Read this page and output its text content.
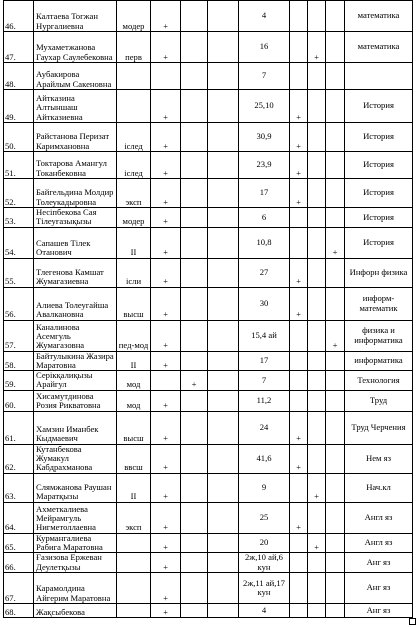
46.	Калтаева Тогжан Нургалиевна	модер	+			4				математика
47.	Мухаметжанова Гаухар Саулебековна	перв	+			16		+		математика
48.	Аубакирова Арайлым Сакеновна					7				
49.	Айтказина Алтыншаш Айтказиевна		+			25,10	+			История
50.	Райстанова Перизат Каримхановна	іслед	+			30,9	+			История
51.	Токтарова Амангул Токанбековна	іслед	+			23,9	+			История
52.	Байгельдина Молдир Толеукадыровна	эксп	+			17	+			История
53.	Несіпбекова Сая Тілеуғазықызы	модер	+			6				История
54.	Сапашев Тілек Отанович	II	+			10,8			+	История
55.	Тлегенова Камшат Жумагазиевна	ісли	+			27	+			Инфорн физика
56.	Алиева Толеугайша Авалкановна	высш	+			30	+			информ-математик
57.	Каналинова Асемгуль Жумагазовна	пед-мод	+			15,4 ай			+	физика и информатика
58.	Байтулыкина Жазира Маратовна	II	+			17				информатика
59.	Серікқалиқызы Арайгул	мод		+		7				Технология
60.	Хисамутдинова Розия Рикватовна	мод	+			11,2				Труд
61.	Хамзин Иманбек Кыдмаевич	высш	+			24	+			Труд Черчения
62.	Кутанбекова Жумакул Кабдрахманова	ввсш	+			41,6	+			Нем яз
63.	Слямжанова Раушан Маратқызы	II	+			9		+		Нач.кл
64.	Ахметкалиева Мейрамгуль Нигметоллаевна	эксп	+			25	+			Англ яз
65.	Курмангалиева Рабига Маратовна		+			20		+		Англ яз
66.	Ғазизова Ержеван Деулетқызы		+			2ж,10 ай,6 кун				Анг яз
67.	Карамолдина Айгерим Маратовна		+			2ж,11 ай,17 кун				Анг яз
68.	Жақсыбекова		+			4				Анг яз
